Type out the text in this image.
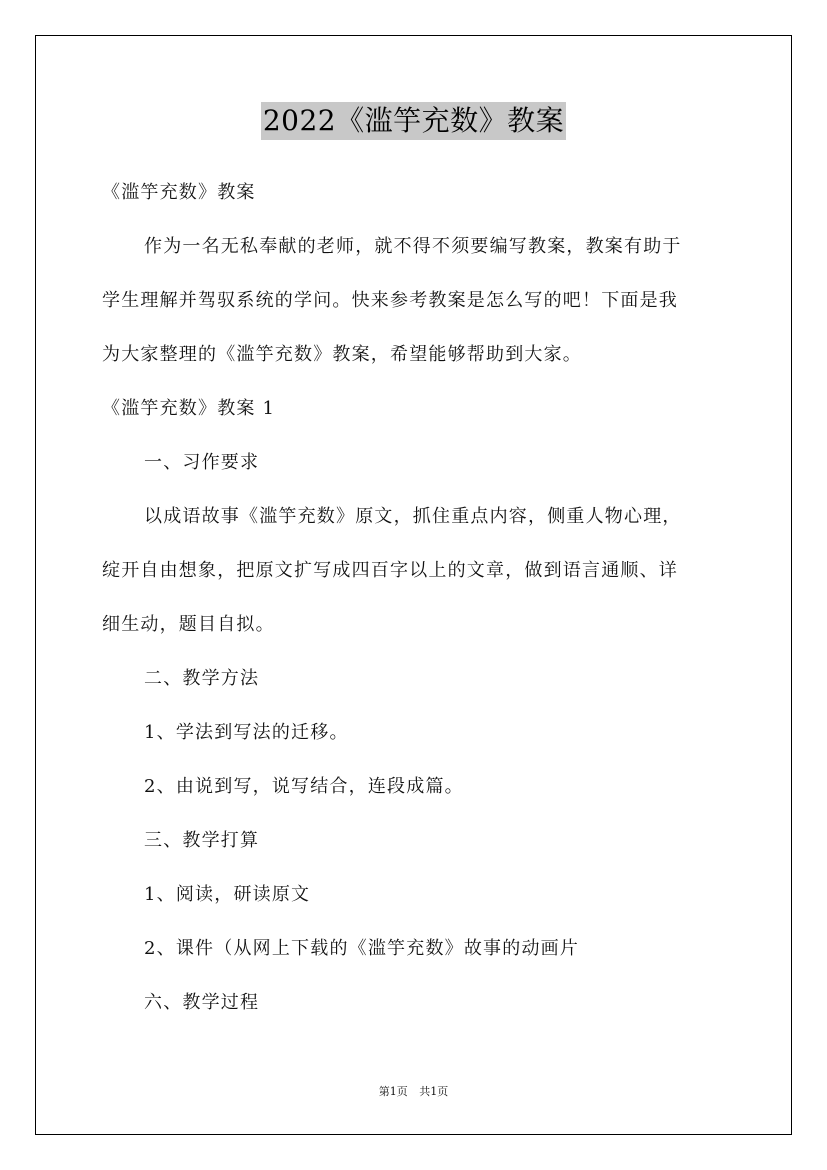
2022《滥竽充数》教案
《滥竽充数》教案
作为一名无私奉献的老师，就不得不须要编写教案，教案有助于
学生理解并驾驭系统的学问。快来参考教案是怎么写的吧！下面是我
为大家整理的《滥竽充数》教案，希望能够帮助到大家。
《滥竽充数》教案 1
一、习作要求
以成语故事《滥竽充数》原文，抓住重点内容，侧重人物心理，
绽开自由想象，把原文扩写成四百字以上的文章，做到语言通顺、详
细生动，题目自拟。
二、教学方法
1、学法到写法的迁移。
2、由说到写，说写结合，连段成篇。
三、教学打算
1、阅读，研读原文
2、课件（从网上下载的《滥竽充数》故事的动画片
六、教学过程
第1页 共1页
